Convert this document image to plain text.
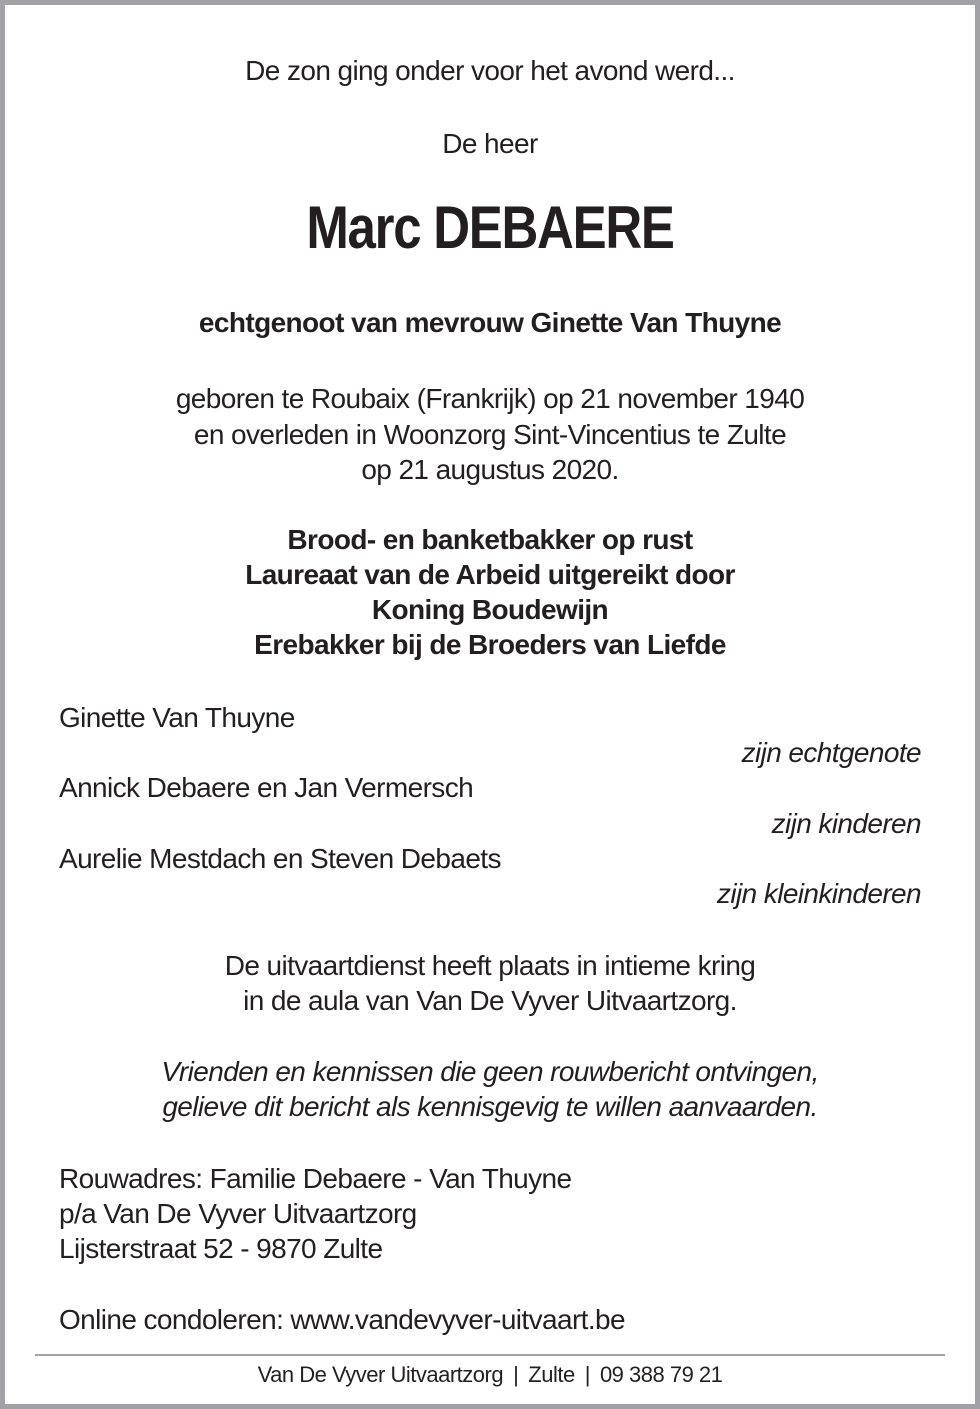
De zon ging onder voor het avond werd...
De heer
Marc DEBAERE
echtgenoot van mevrouw Ginette Van Thuyne
geboren te Roubaix (Frankrijk) op 21 november 1940
en overleden in Woonzorg Sint-Vincentius te Zulte
op 21 augustus 2020.
Brood- en banketbakker op rust
Laureaat van de Arbeid uitgereikt door
Koning Boudewijn
Erebakker bij de Broeders van Liefde
Ginette Van Thuyne
zijn echtgenote
Annick Debaere en Jan Vermersch
zijn kinderen
Aurelie Mestdach en Steven Debaets
zijn kleinkinderen
De uitvaartdienst heeft plaats in intieme kring
in de aula van Van De Vyver Uitvaartzorg.
Vrienden en kennissen die geen rouwbericht ontvingen,
gelieve dit bericht als kennisgevig te willen aanvaarden.
Rouwadres: Familie Debaere - Van Thuyne
p/a Van De Vyver Uitvaartzorg
Lijsterstraat 52 - 9870 Zulte
Online condoleren: www.vandevyver-uitvaart.be
Van De Vyver Uitvaartzorg | Zulte | 09 388 79 21
